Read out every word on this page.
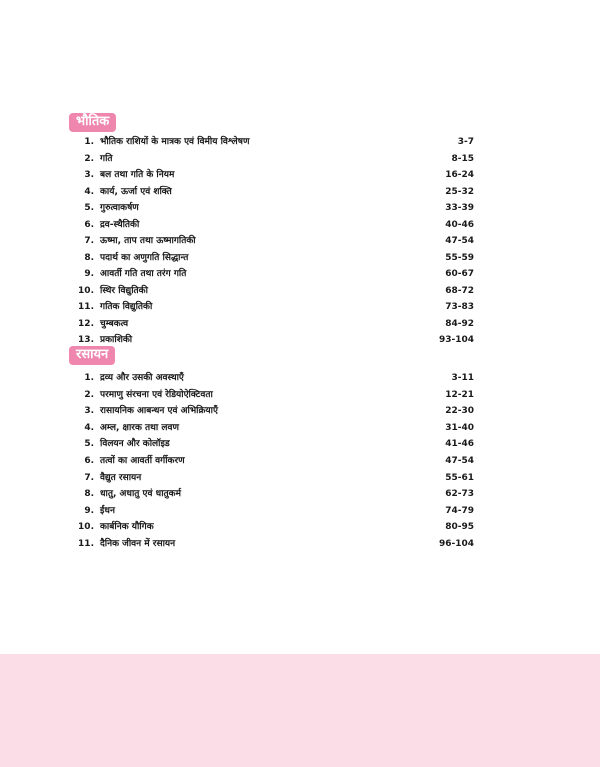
भौतिक
1. भौतिक राशियों के मात्रक एवं विमीय विश्लेषण	3-7
2. गति	8-15
3. बल तथा गति के नियम	16-24
4. कार्य, ऊर्जा एवं शक्ति	25-32
5. गुरुत्वाकर्षण	33-39
6. द्रव-स्थैतिकी	40-46
7. ऊष्मा, ताप तथा ऊष्मागतिकी	47-54
8. पदार्थ का अणुगति सिद्धान्त	55-59
9. आवर्ती गति तथा तरंग गति	60-67
10. स्थिर विद्युतिकी	68-72
11. गतिक विद्युतिकी	73-83
12. चुम्बकत्व	84-92
13. प्रकाशिकी	93-104
रसायन
1. द्रव्य और उसकी अवस्थाएँ	3-11
2. परमाणु संरचना एवं रेडियोऐक्टिवता	12-21
3. रासायनिक आबन्धन एवं अभिक्रियाएँ	22-30
4. अम्ल, क्षारक तथा लवण	31-40
5. विलयन और कोलॉइड	41-46
6. तत्वों का आवर्ती वर्गीकरण	47-54
7. वैद्युत रसायन	55-61
8. धातु, अधातु एवं धातुकर्म	62-73
9. ईंधन	74-79
10. कार्बनिक यौगिक	80-95
11. दैनिक जीवन में रसायन	96-104
